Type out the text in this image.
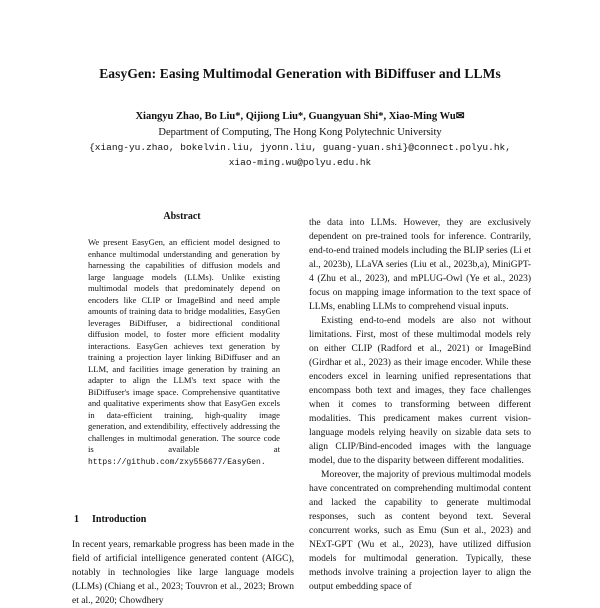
EasyGen: Easing Multimodal Generation with BiDiffuser and LLMs
Xiangyu Zhao, Bo Liu*, Qijiong Liu*, Guangyuan Shi*, Xiao-Ming Wu✉
Department of Computing, The Hong Kong Polytechnic University
{xiang-yu.zhao, bokelvin.liu, jyonn.liu, guang-yuan.shi}@connect.polyu.hk,
xiao-ming.wu@polyu.edu.hk
Abstract
We present EasyGen, an efficient model designed to enhance multimodal understanding and generation by harnessing the capabilities of diffusion models and large language models (LLMs). Unlike existing multimodal models that predominately depend on encoders like CLIP or ImageBind and need ample amounts of training data to bridge modalities, EasyGen leverages BiDiffuser, a bidirectional conditional diffusion model, to foster more efficient modality interactions. EasyGen achieves text generation by training a projection layer linking BiDiffuser and an LLM, and facilities image generation by training an adapter to align the LLM's text space with the BiDiffuser's image space. Comprehensive quantitative and qualitative experiments show that EasyGen excels in data-efficient training, high-quality image generation, and extendibility, effectively addressing the challenges in multimodal generation. The source code is available at https://github.com/zxy556677/EasyGen.
1 Introduction
In recent years, remarkable progress has been made in the field of artificial intelligence generated content (AIGC), notably in technologies like large language models (LLMs) (Chiang et al., 2023; Touvron et al., 2023; Brown et al., 2020; Chowdhery

the data into LLMs. However, they are exclusively dependent on pre-trained tools for inference. Contrarily, end-to-end trained models including the BLIP series (Li et al., 2023b), LLaVA series (Liu et al., 2023b,a), MiniGPT-4 (Zhu et al., 2023), and mPLUG-Owl (Ye et al., 2023) focus on mapping image information to the text space of LLMs, enabling LLMs to comprehend visual inputs.

Existing end-to-end models are also not without limitations. First, most of these multimodal models rely on either CLIP (Radford et al., 2021) or ImageBind (Girdhar et al., 2023) as their image encoder. While these encoders excel in learning unified representations that encompass both text and images, they face challenges when it comes to transforming between different modalities. This predicament makes current vision-language models relying heavily on sizable data sets to align CLIP/Bind-encoded images with the language model, due to the disparity between different modalities.

Moreover, the majority of previous multimodal models have concentrated on comprehending multimodal content and lacked the capability to generate multimodal responses, such as content beyond text. Several concurrent works, such as Emu (Sun et al., 2023) and NExT-GPT (Wu et al., 2023), have utilized diffusion models for multimodal generation. Typically, these methods involve training a projection layer to align the output embedding space of
